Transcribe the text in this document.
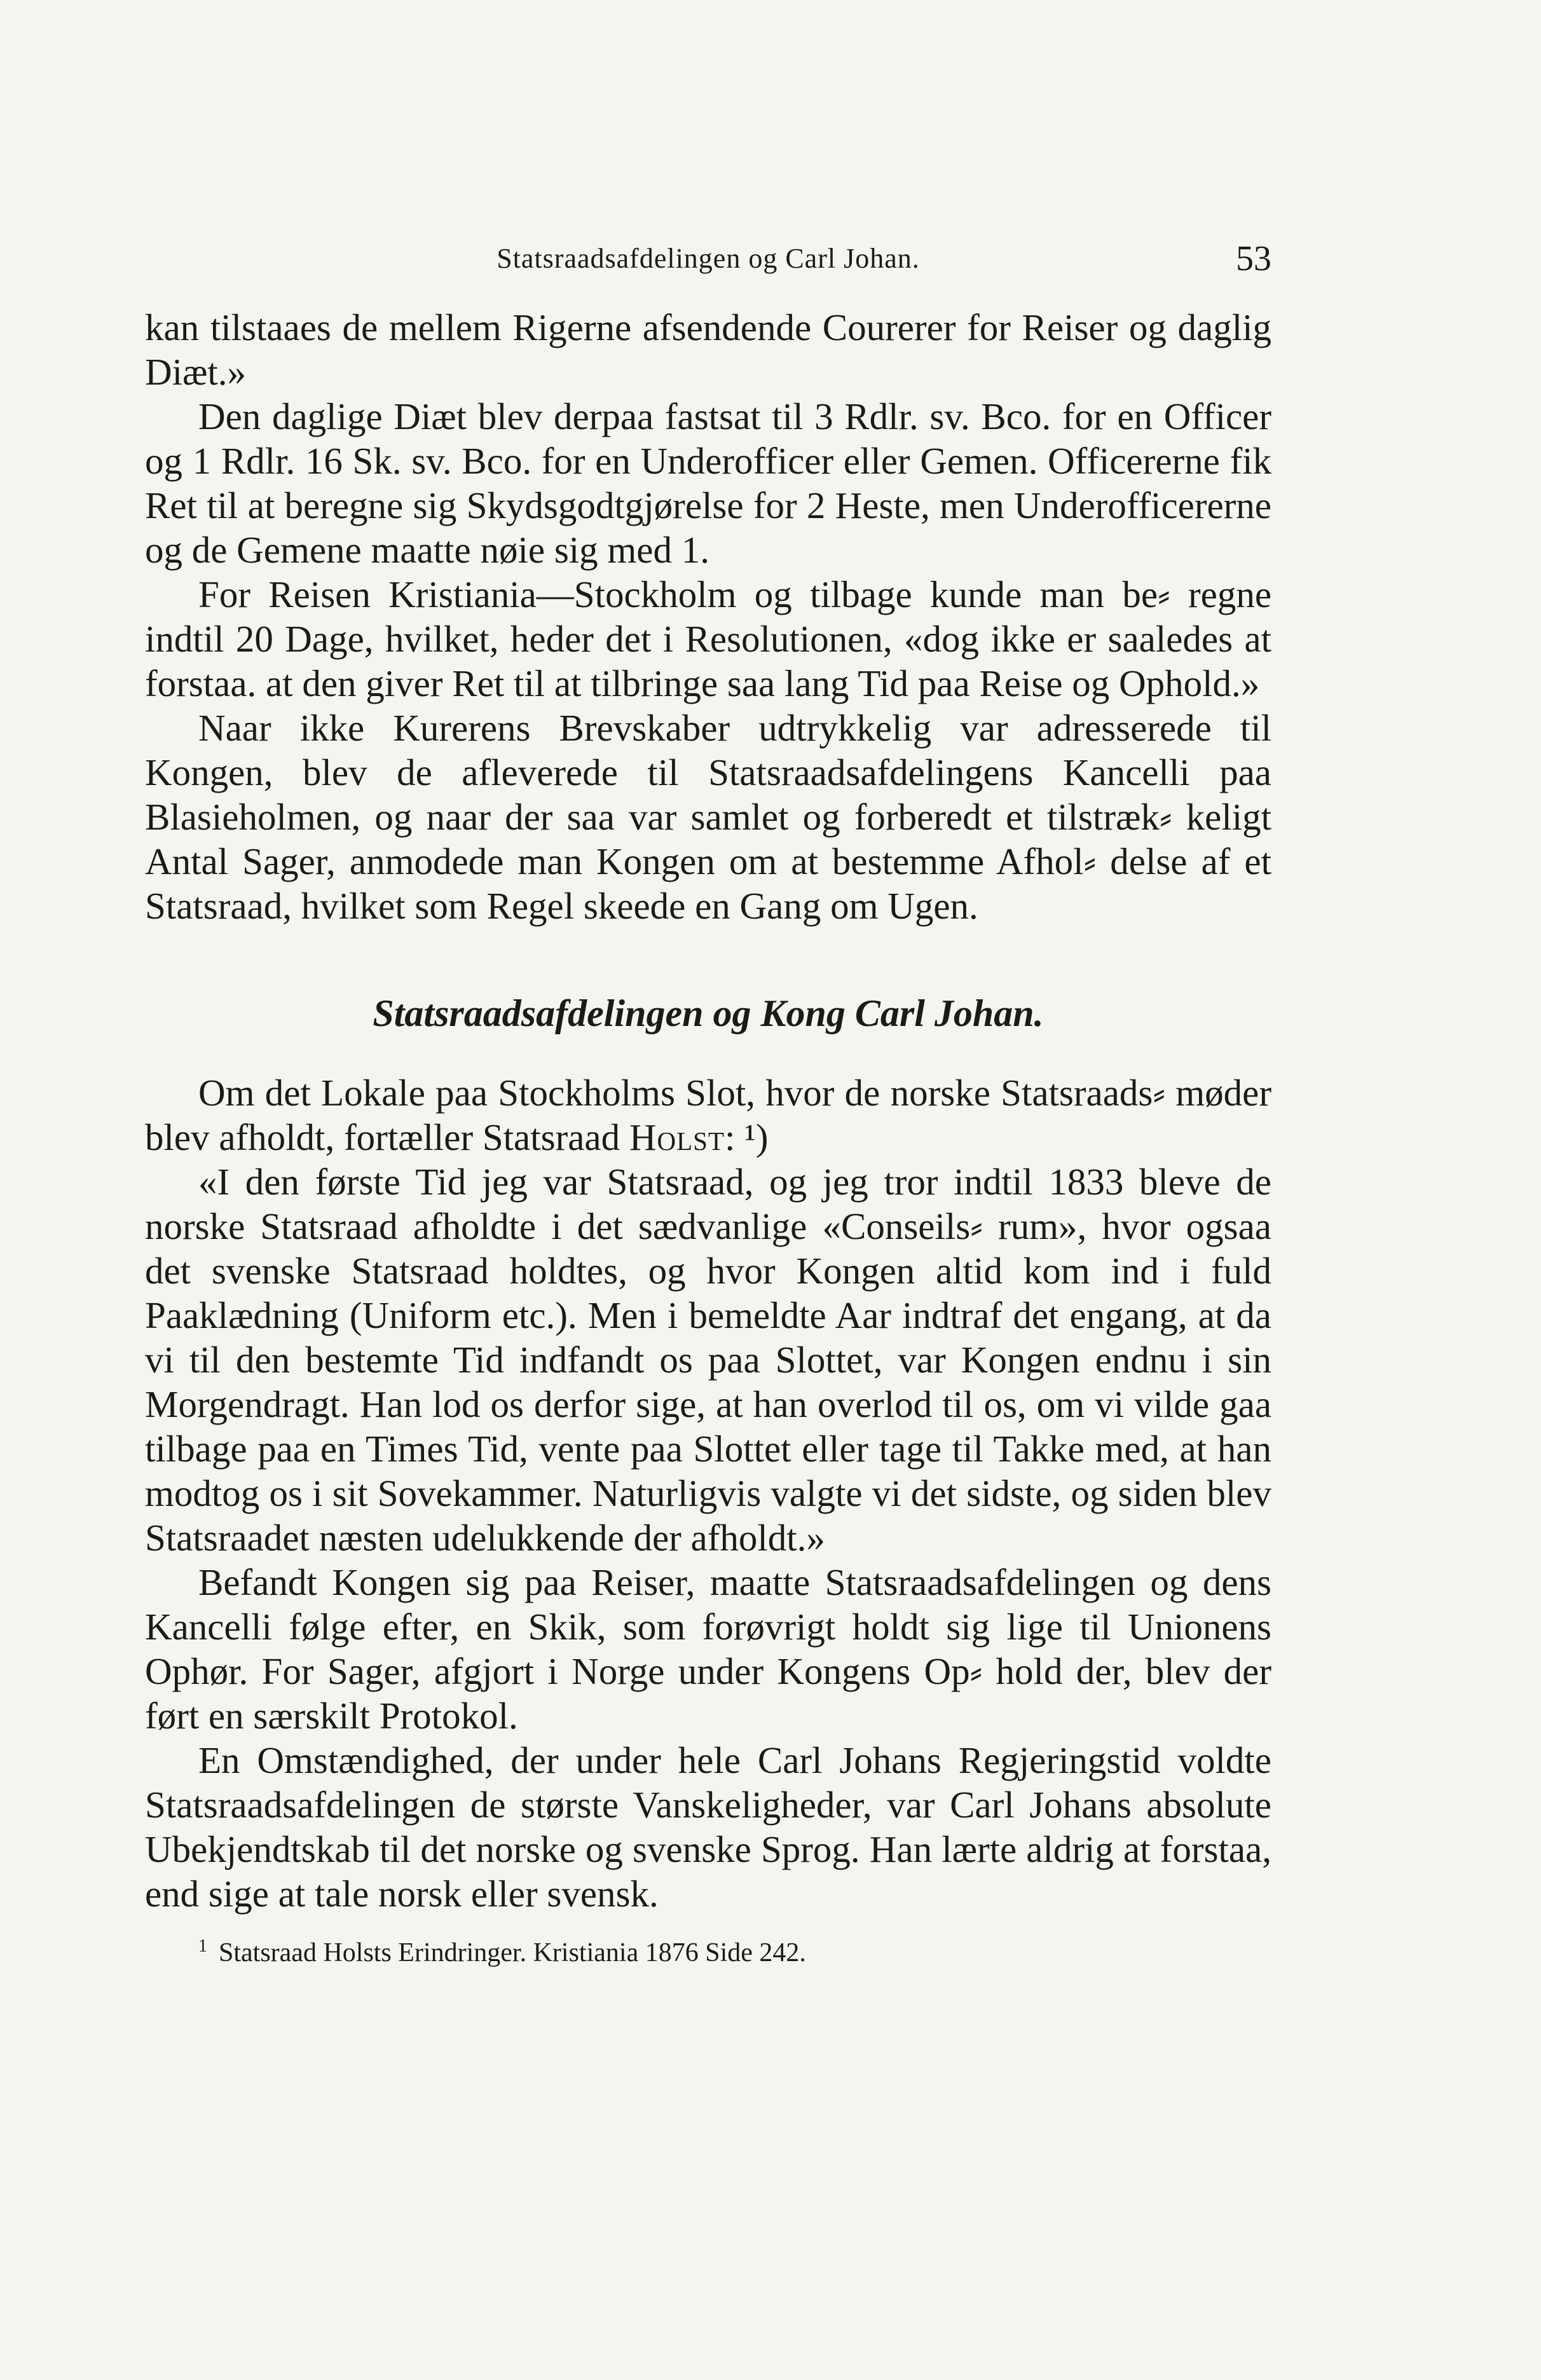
Statsraadsafdelingen og Carl Johan.	53

kan tilstaaes de mellem Rigerne afsendende Courerer for Reiser og daglig Diæt.»

Den daglige Diæt blev derpaa fastsat til 3 Rdlr. sv. Bco. for en Officer og 1 Rdlr. 16 Sk. sv. Bco. for en Underofficer eller Gemen. Officererne fik Ret til at beregne sig Skydsgodtgjørelse for 2 Heste, men Underofficererne og de Gemene maatte nøie sig med 1.

For Reisen Kristiania—Stockholm og tilbage kunde man be⸗ regne indtil 20 Dage, hvilket, heder det i Resolutionen, «dog ikke er saaledes at forstaa. at den giver Ret til at tilbringe saa lang Tid paa Reise og Ophold.»

Naar ikke Kurerens Brevskaber udtrykkelig var adresserede til Kongen, blev de afleverede til Statsraadsafdelingens Kancelli paa Blasieholmen, og naar der saa var samlet og forberedt et tilstræk⸗ keligt Antal Sager, anmodede man Kongen om at bestemme Afhol⸗ delse af et Statsraad, hvilket som Regel skeede en Gang om Ugen.

Statsraadsafdelingen og Kong Carl Johan.

Om det Lokale paa Stockholms Slot, hvor de norske Statsraads⸗ møder blev afholdt, fortæller Statsraad Holst: ¹)

«I den første Tid jeg var Statsraad, og jeg tror indtil 1833 bleve de norske Statsraad afholdte i det sædvanlige «Conseils⸗ rum», hvor ogsaa det svenske Statsraad holdtes, og hvor Kongen altid kom ind i fuld Paaklædning (Uniform etc.). Men i bemeldte Aar indtraf det engang, at da vi til den bestemte Tid indfandt os paa Slottet, var Kongen endnu i sin Morgendragt. Han lod os derfor sige, at han overlod til os, om vi vilde gaa tilbage paa en Times Tid, vente paa Slottet eller tage til Takke med, at han modtog os i sit Sovekammer. Naturligvis valgte vi det sidste, og siden blev Statsraadet næsten udelukkende der afholdt.»

Befandt Kongen sig paa Reiser, maatte Statsraadsafdelingen og dens Kancelli følge efter, en Skik, som forøvrigt holdt sig lige til Unionens Ophør. For Sager, afgjort i Norge under Kongens Op⸗ hold der, blev der ført en særskilt Protokol.

En Omstændighed, der under hele Carl Johans Regjeringstid voldte Statsraadsafdelingen de største Vanskeligheder, var Carl Johans absolute Ubekjendtskab til det norske og svenske Sprog. Han lærte aldrig at forstaa, end sige at tale norsk eller svensk.

$^1$ Statsraad Holsts Erindringer. Kristiania 1876 Side 242.
